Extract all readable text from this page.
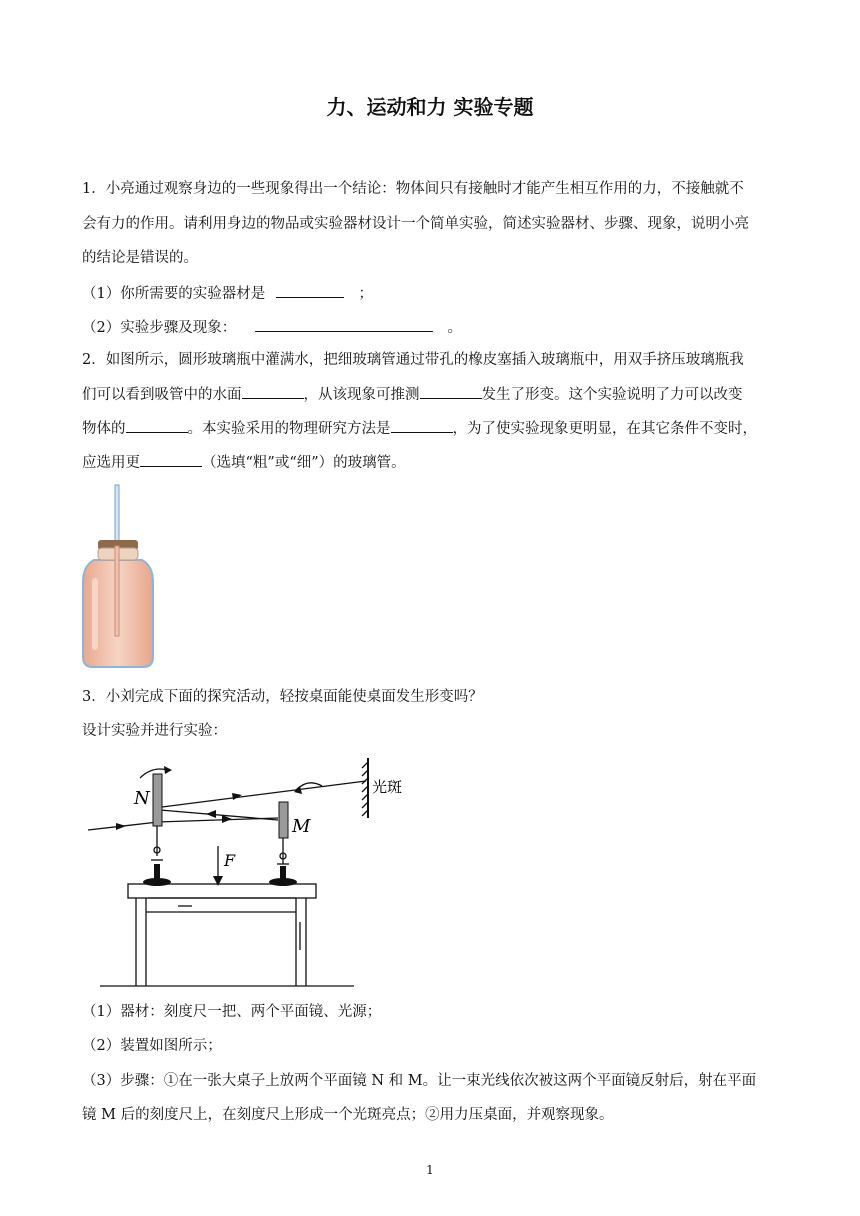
力、运动和力 实验专题
1．小亮通过观察身边的一些现象得出一个结论：物体间只有接触时才能产生相互作用的力，不接触就不
会有力的作用。请利用身边的物品或实验器材设计一个简单实验，简述实验器材、步骤、现象，说明小亮
的结论是错误的。
（1）你所需要的实验器材是	；
（2）实验步骤及现象：	。
2．如图所示，圆形玻璃瓶中灌满水，把细玻璃管通过带孔的橡皮塞插入玻璃瓶中，用双手挤压玻璃瓶我
们可以看到吸管中的水面	，从该现象可推测	发生了形变。这个实验说明了力可以改变
物体的	。本实验采用的物理研究方法是	，为了使实验现象更明显，在其它条件不变时，
应选用更	（选填“粗”或“细”）的玻璃管。
3．小刘完成下面的探究活动，轻按桌面能使桌面发生形变吗？
设计实验并进行实验：
N
M
F
光斑
（1）器材：刻度尺一把、两个平面镜、光源；
（2）装置如图所示；
（3）步骤：①在一张大桌子上放两个平面镜 N 和 M。让一束光线依次被这两个平面镜反射后，射在平面
镜 M 后的刻度尺上，在刻度尺上形成一个光斑亮点；②用力压桌面，并观察现象。
1
